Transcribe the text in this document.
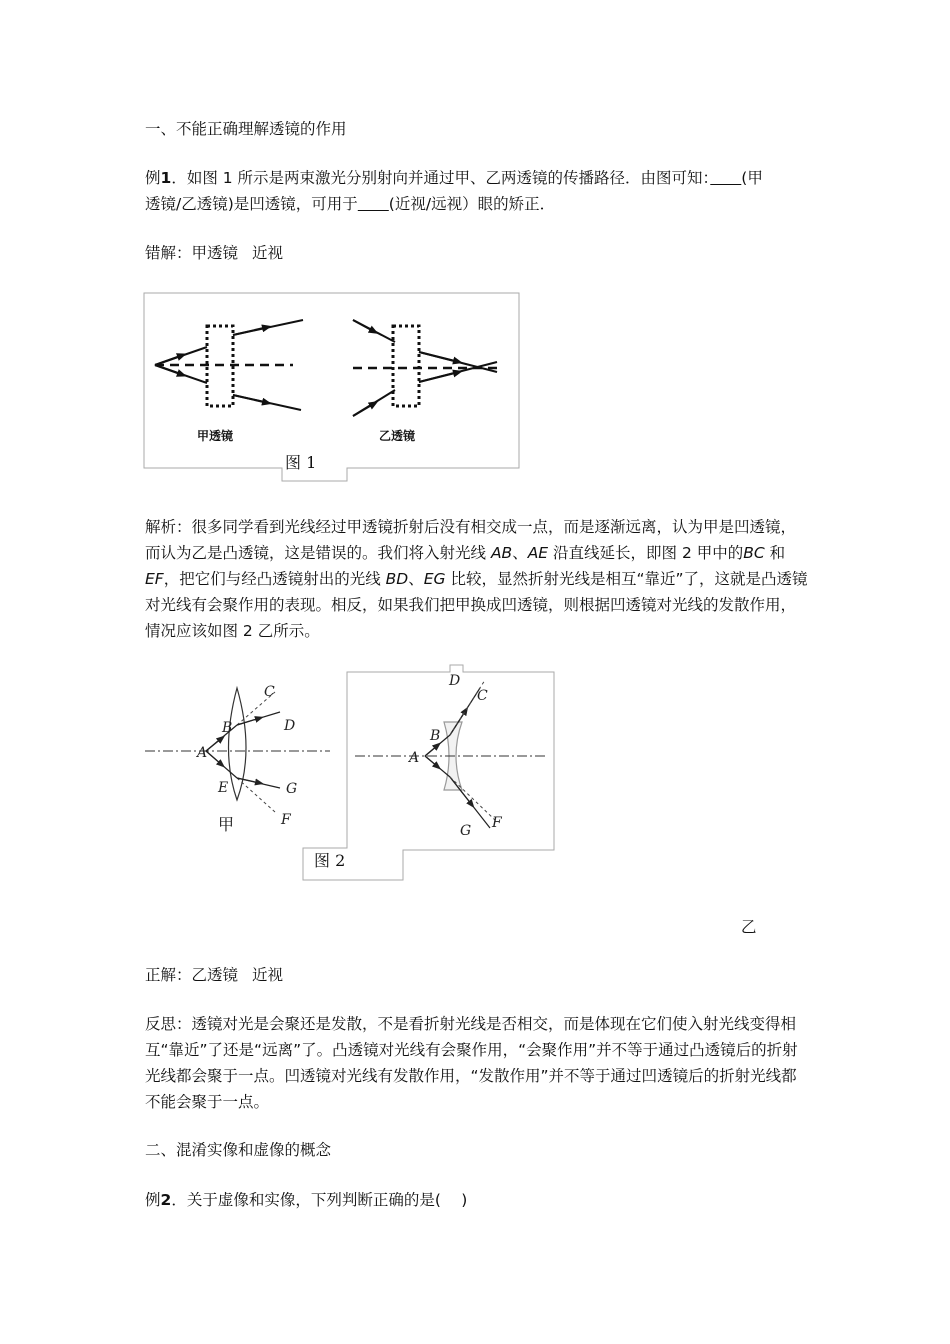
一、不能正确理解透镜的作用

例1．如图 1 所示是两束激光分别射向并通过甲、乙两透镜的传播路径．由图可知：　　 (甲
透镜/乙透镜)是凹透镜，可用于　　 (近视/远视）眼的矫正．

错解：甲透镜 近视

甲透镜	乙透镜
图 1

解析：很多同学看到光线经过甲透镜折射后没有相交成一点，而是逐渐远离，认为甲是凹透镜，而认为乙是凸透镜，这是错误的。我们将入射光线 AB、AE 沿直线延长，即图 2 甲中的BC 和 EF，把它们与经凸透镜射出的光线 BD、EG 比较，显然折射光线是相互“靠近”了，这就是凸透镜对光线有会聚作用的表现。相反，如果我们把甲换成凹透镜，则根据凹透镜对光线的发散作用，情况应该如图 2 乙所示。

A
B
C
D
E
F
G
甲
A
B
C
D
F
G
图 2
乙

正解：乙透镜 近视

反思：透镜对光是会聚还是发散，不是看折射光线是否相交，而是体现在它们使入射光线变得相互“靠近”了还是“远离”了。凸透镜对光线有会聚作用，“会聚作用”并不等于通过凸透镜后的折射光线都会聚于一点。凹透镜对光线有发散作用，“发散作用”并不等于通过凹透镜后的折射光线都不能会聚于一点。

二、混淆实像和虚像的概念

例2．关于虚像和实像，下列判断正确的是(　 )
